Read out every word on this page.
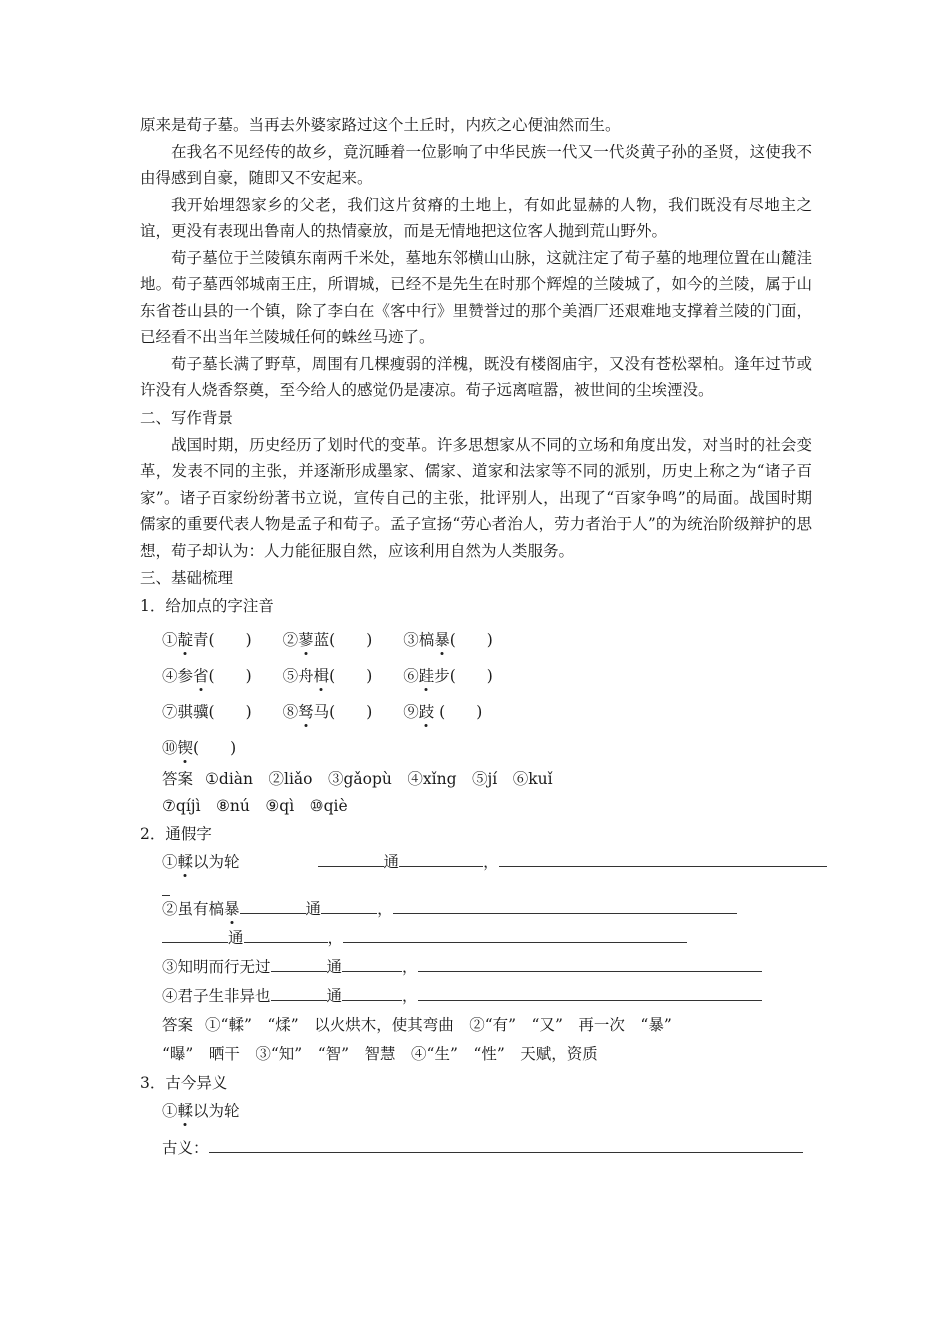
原来是荀子墓。当再去外婆家路过这个土丘时，内疚之心便油然而生。

在我名不见经传的故乡，竟沉睡着一位影响了中华民族一代又一代炎黄子孙的圣贤，这使我不由得感到自豪，随即又不安起来。

我开始埋怨家乡的父老，我们这片贫瘠的土地上，有如此显赫的人物，我们既没有尽地主之谊，更没有表现出鲁南人的热情豪放，而是无情地把这位客人抛到荒山野外。

荀子墓位于兰陵镇东南两千米处，墓地东邻横山山脉，这就注定了荀子墓的地理位置在山麓洼地。荀子墓西邻城南王庄，所谓城，已经不是先生在时那个辉煌的兰陵城了，如今的兰陵，属于山东省苍山县的一个镇，除了李白在《客中行》里赞誉过的那个美酒厂还艰难地支撑着兰陵的门面，已经看不出当年兰陵城任何的蛛丝马迹了。

荀子墓长满了野草，周围有几棵瘦弱的洋槐，既没有楼阁庙宇，又没有苍松翠柏。逢年过节或许没有人烧香祭奠，至今给人的感觉仍是凄凉。荀子远离喧嚣，被世间的尘埃湮没。

二、写作背景

战国时期，历史经历了划时代的变革。许多思想家从不同的立场和角度出发，对当时的社会变革，发表不同的主张，并逐渐形成墨家、儒家、道家和法家等不同的派别，历史上称之为“诸子百家”。诸子百家纷纷著书立说，宣传自己的主张，批评别人，出现了“百家争鸣”的局面。战国时期儒家的重要代表人物是孟子和荀子。孟子宣扬“劳心者治人，劳力者治于人”的为统治阶级辩护的思想，荀子却认为：人力能征服自然，应该利用自然为人类服务。

三、基础梳理

1．给加点的字注音

①靛青(　　) ②蓼蓝(　　) ③槁暴(　　)
④参省(　　) ⑤舟楫(　　) ⑥跬步(　　)
⑦骐骥(　　) ⑧驽马(　　) ⑨跂 (　　)
⑩锲(　　)
答案 ①diàn　②liǎo　③gǎopù　④xǐng　⑤jí　⑥kuǐ
⑦qíjì　⑧nú　⑨qì　⑩qiè

2．通假字

①輮以为轮	通	，
②虽有槁暴	通	，
通	，
③知明而行无过	通	，
④君子生非异也	通	，
答案 ①“輮”　“煣”　以火烘木，使其弯曲　②“有”　“又”　再一次　“暴”
“曝”　晒干　③“知”　“智”　智慧　④“生”　“性”　天赋，资质

3．古今异义

①輮以为轮
古义：
